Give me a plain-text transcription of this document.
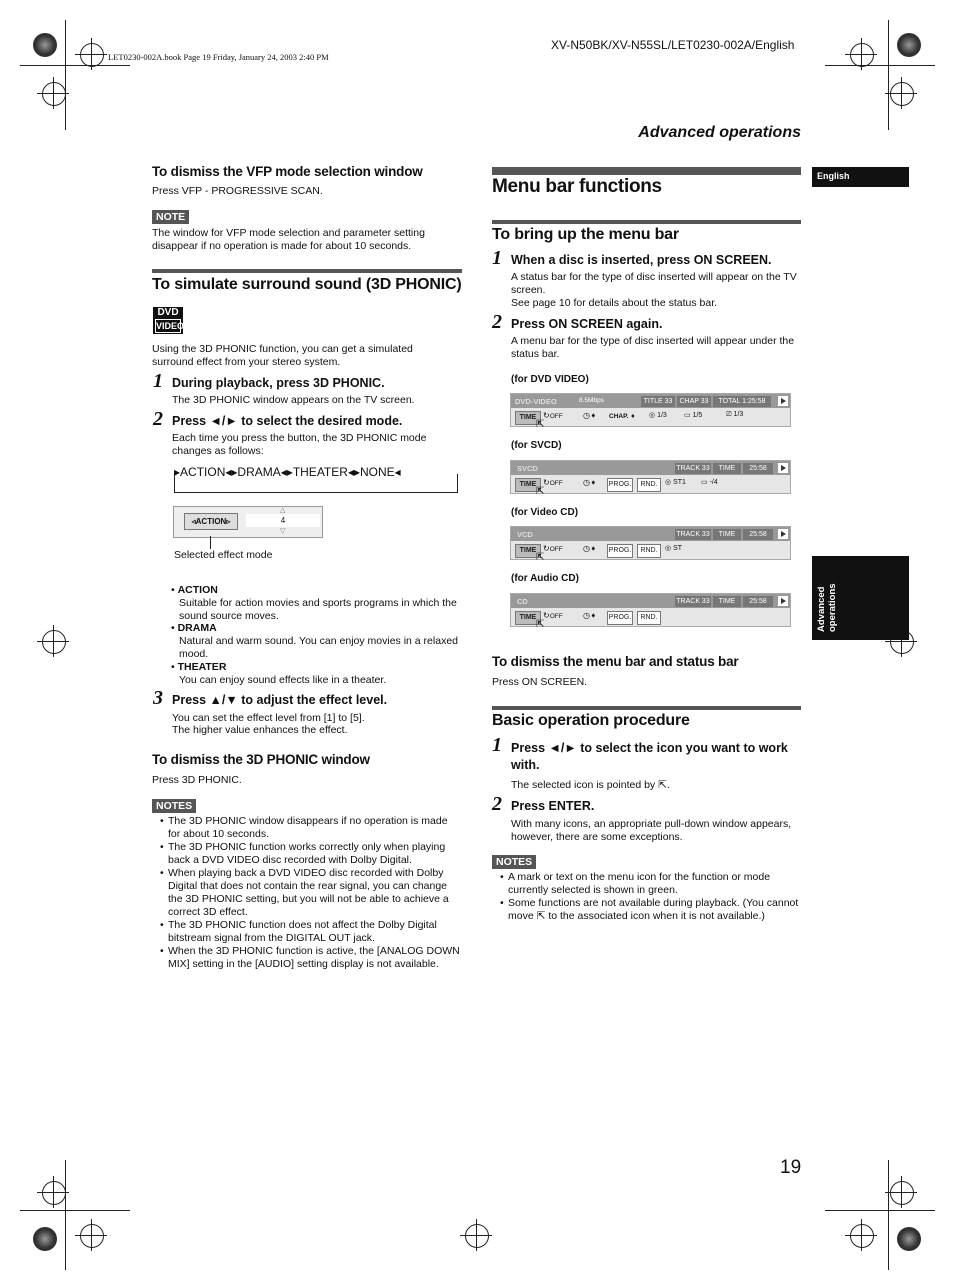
XV-N50BK/XV-N55SL/LET0230-002A/English
LET0230-002A.book Page 19 Friday, January 24, 2003 2:40 PM
Advanced operations
English
Advanced operations
To dismiss the VFP mode selection window
Press VFP - PROGRESSIVE SCAN.
NOTE
The window for VFP mode selection and parameter setting disappear if no operation is made for about 10 seconds.
To simulate surround sound (3D PHONIC)
DVD
VIDEO
Using the 3D PHONIC function, you can get a simulated surround effect from your stereo system.
1 During playback, press 3D PHONIC.
The 3D PHONIC window appears on the TV screen.
2 Press ◄/► to select the desired mode.
Each time you press the button, the 3D PHONIC mode changes as follows:
▸ACTION◂▸DRAMA◂▸THEATER◂▸NONE◂
◃ACTION▹	4
△
▽
Selected effect mode
• ACTION
Suitable for action movies and sports programs in which the sound source moves.
• DRAMA
Natural and warm sound. You can enjoy movies in a relaxed mood.
• THEATER
You can enjoy sound effects like in a theater.
3 Press ▲/▼ to adjust the effect level.
You can set the effect level from [1] to [5].
The higher value enhances the effect.
To dismiss the 3D PHONIC window
Press 3D PHONIC.
NOTES
• The 3D PHONIC window disappears if no operation is made for about 10 seconds.
• The 3D PHONIC function works correctly only when playing back a DVD VIDEO disc recorded with Dolby Digital.
• When playing back a DVD VIDEO disc recorded with Dolby Digital that does not contain the rear signal, you can change the 3D PHONIC setting, but you will not be able to achieve a correct 3D effect.
• The 3D PHONIC function does not affect the Dolby Digital bitstream signal from the DIGITAL OUT jack.
• When the 3D PHONIC function is active, the [ANALOG DOWN MIX] setting in the [AUDIO] setting display is not available.
Menu bar functions
To bring up the menu bar
1 When a disc is inserted, press ON SCREEN.
A status bar for the type of disc inserted will appear on the TV screen.
See page 10 for details about the status bar.
2 Press ON SCREEN again.
A menu bar for the type of disc inserted will appear under the status bar.
(for DVD VIDEO)
DVD-VIDEO	8.5Mbps	TITLE 33	CHAP 33	TOTAL 1:25:58
TIME ↻OFF	◷➧ CHAP. ➧ ◎ 1/3 ▭ 1/5	⎚ 1/3
⇱
(for SVCD)
SVCD	TRACK 33	TIME	25:58
TIME ↻OFF	◷➧ PROG.	RND.	◎ ST1 ▭ -/4
⇱
(for Video CD)
VCD	TRACK 33	TIME	25:58
TIME ↻OFF	◷➧ PROG.	RND.	◎ ST
⇱
(for Audio CD)
CD	TRACK 33	TIME	25:58
TIME ↻OFF	◷➧ PROG.	RND.
⇱
To dismiss the menu bar and status bar
Press ON SCREEN.
Basic operation procedure
1 Press ◄/► to select the icon you want to work with.
The selected icon is pointed by ⇱.
2 Press ENTER.
With many icons, an appropriate pull-down window appears, however, there are some exceptions.
NOTES
• A mark or text on the menu icon for the function or mode currently selected is shown in green.
• Some functions are not available during playback. (You cannot move ⇱ to the associated icon when it is not available.)
19
